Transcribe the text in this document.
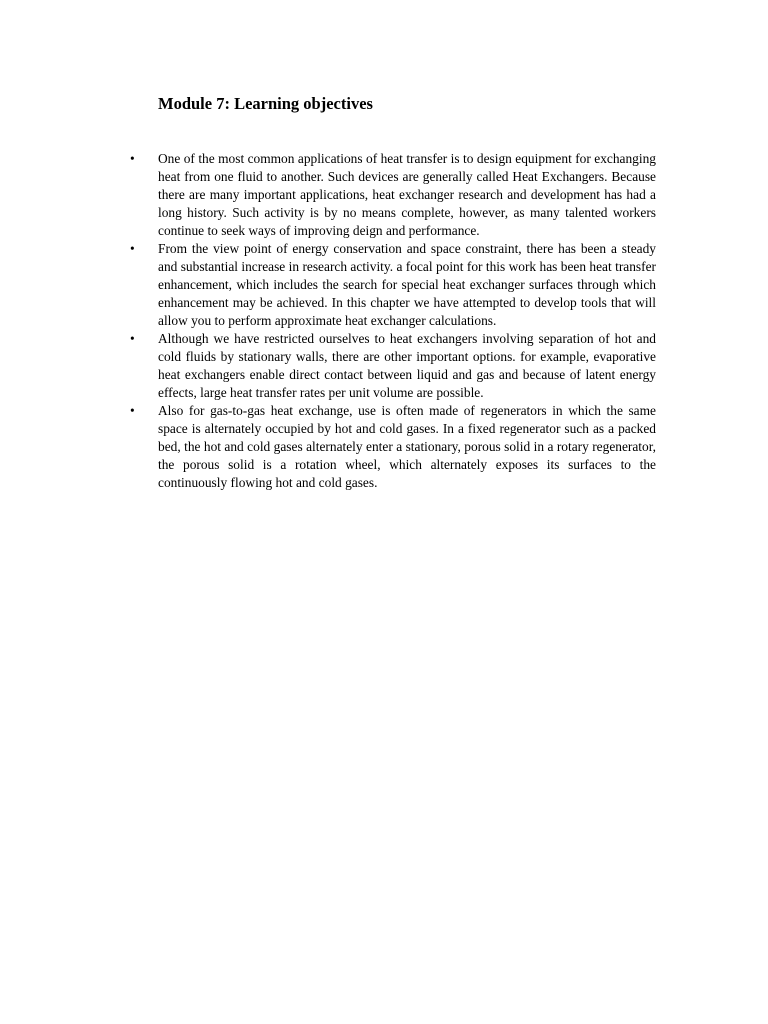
Module 7: Learning objectives
• One of the most common applications of heat transfer is to design equipment for exchanging heat from one fluid to another. Such devices are generally called Heat Exchangers. Because there are many important applications, heat exchanger research and development has had a long history. Such activity is by no means complete, however, as many talented workers continue to seek ways of improving deign and performance.
• From the view point of energy conservation and space constraint, there has been a steady and substantial increase in research activity. a focal point for this work has been heat transfer enhancement, which includes the search for special heat exchanger surfaces through which enhancement may be achieved. In this chapter we have attempted to develop tools that will allow you to perform approximate heat exchanger calculations.
• Although we have restricted ourselves to heat exchangers involving separation of hot and cold fluids by stationary walls, there are other important options. for example, evaporative heat exchangers enable direct contact between liquid and gas and because of latent energy effects, large heat transfer rates per unit volume are possible.
• Also for gas-to-gas heat exchange, use is often made of regenerators in which the same space is alternately occupied by hot and cold gases. In a fixed regenerator such as a packed bed, the hot and cold gases alternately enter a stationary, porous solid in a rotary regenerator, the porous solid is a rotation wheel, which alternately exposes its surfaces to the continuously flowing hot and cold gases.
